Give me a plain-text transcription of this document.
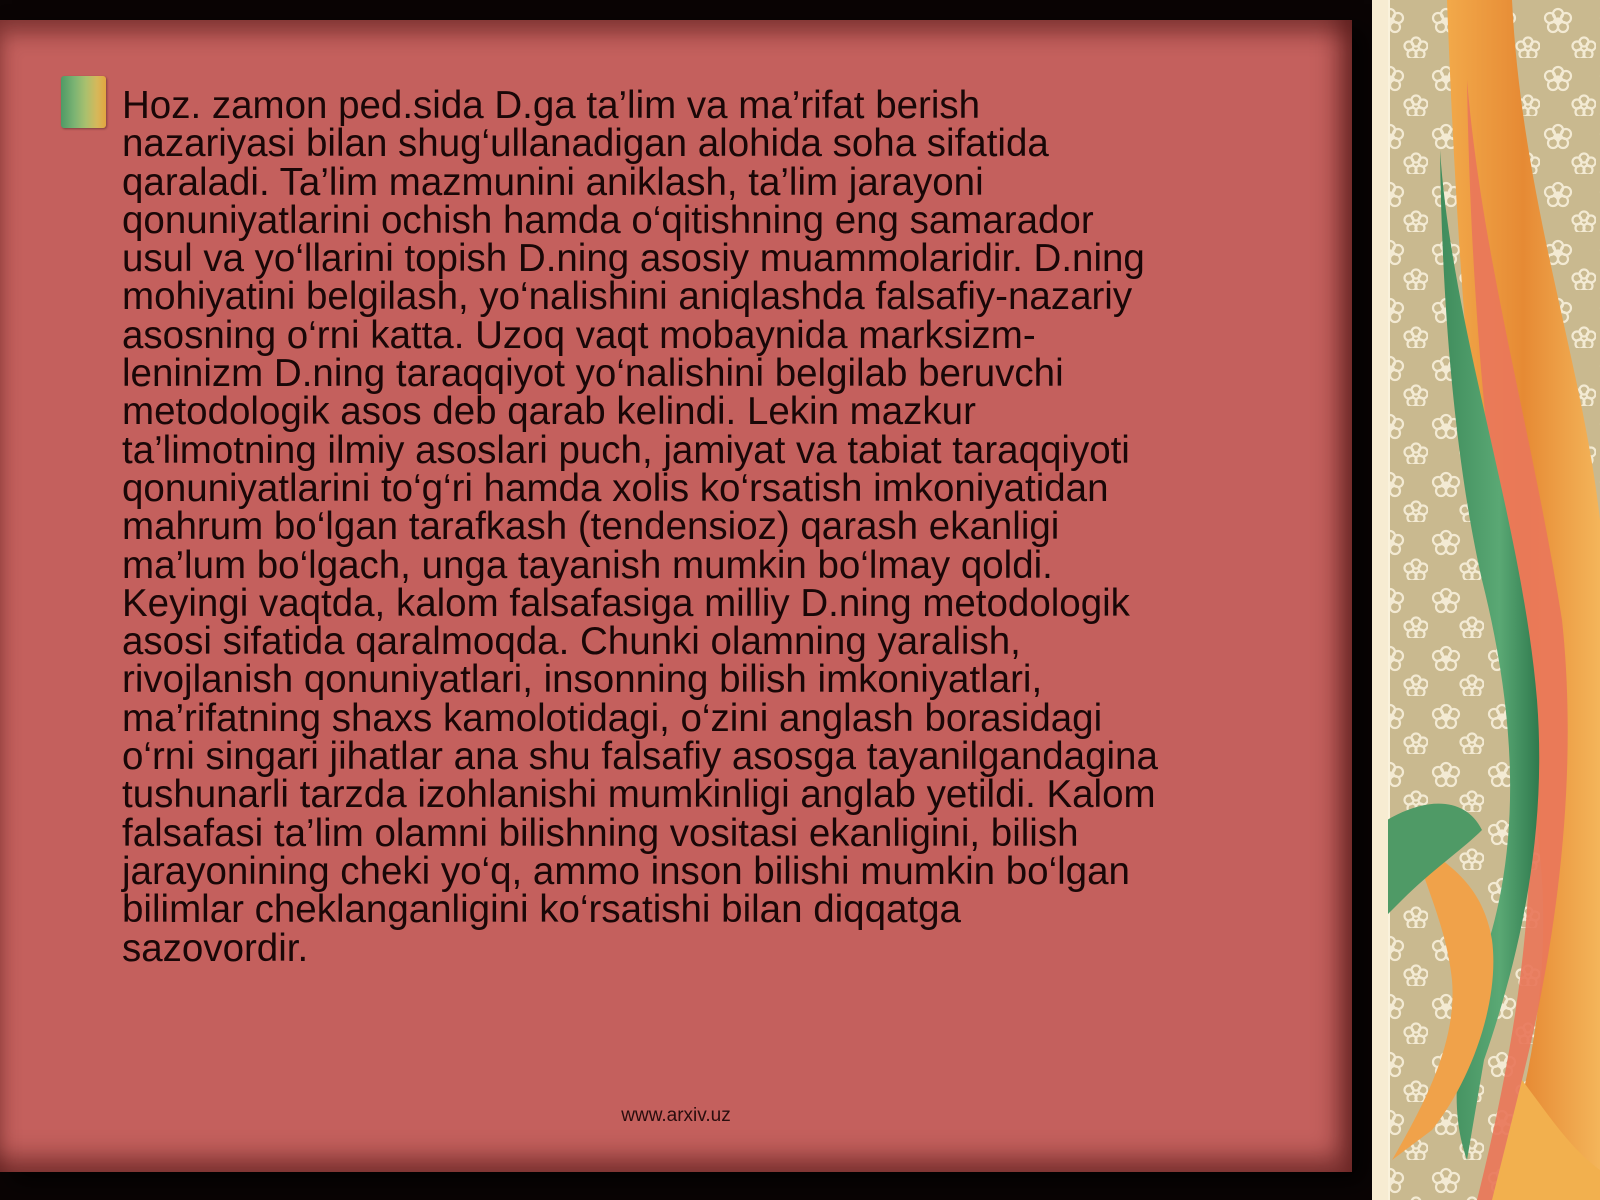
Hoz. zamon ped.sida D.ga ta’lim va ma’rifat berish
nazariyasi bilan shug‘ullanadigan alohida soha sifatida
qaraladi. Ta’lim mazmunini aniklash, ta’lim jarayoni
qonuniyatlarini ochish hamda o‘qitishning eng samarador
usul va yo‘llarini topish D.ning asosiy muammolaridir. D.ning
mohiyatini belgilash, yo‘nalishini aniqlashda falsafiy-nazariy
asosning o‘rni katta. Uzoq vaqt mobaynida marksizm-
leninizm D.ning taraqqiyot yo‘nalishini belgilab beruvchi
metodologik asos deb qarab kelindi. Lekin mazkur
ta’limotning ilmiy asoslari puch, jamiyat va tabiat taraqqiyoti
qonuniyatlarini to‘g‘ri hamda xolis ko‘rsatish imkoniyatidan
mahrum bo‘lgan tarafkash (tendensioz) qarash ekanligi
ma’lum bo‘lgach, unga tayanish mumkin bo‘lmay qoldi.
Keyingi vaqtda, kalom falsafasiga milliy D.ning metodologik
asosi sifatida qaralmoqda. Chunki olamning yaralish,
rivojlanish qonuniyatlari, insonning bilish imkoniyatlari,
ma’rifatning shaxs kamolotidagi, o‘zini anglash borasidagi
o‘rni singari jihatlar ana shu falsafiy asosga tayanilgandagina
tushunarli tarzda izohlanishi mumkinligi anglab yetildi. Kalom
falsafasi ta’lim olamni bilishning vositasi ekanligini, bilish
jarayonining cheki yo‘q, ammo inson bilishi mumkin bo‘lgan
bilimlar cheklanganligini ko‘rsatishi bilan diqqatga
sazovordir.

www.arxiv.uz
